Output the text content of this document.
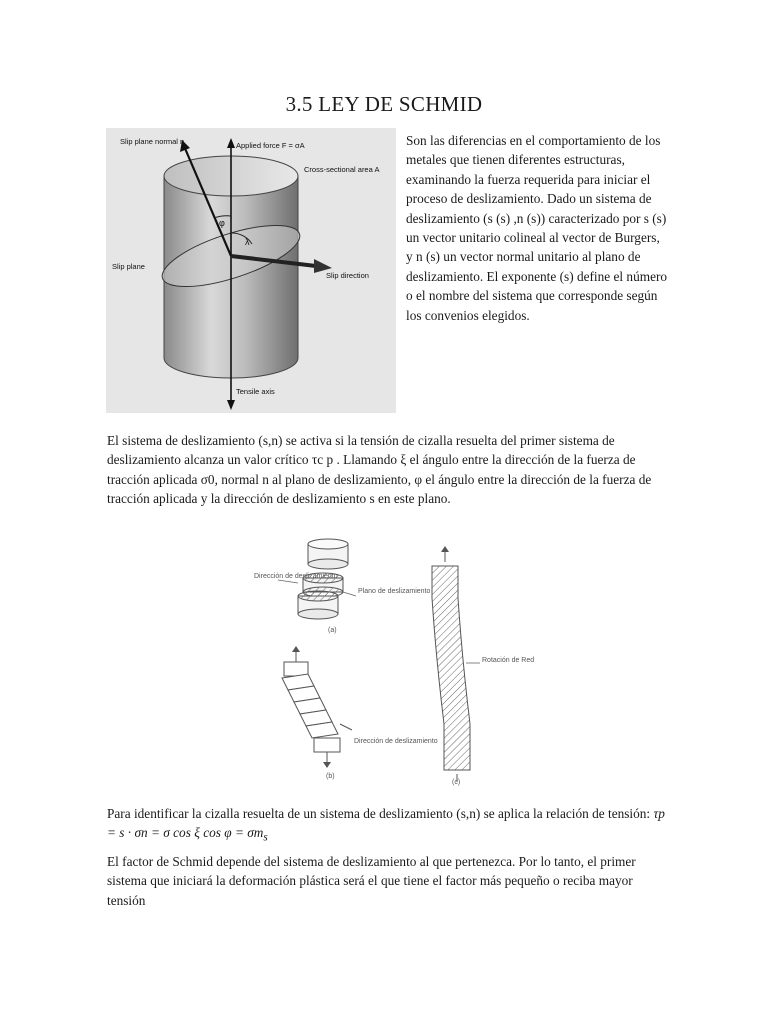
3.5 LEY DE SCHMID
Slip plane normal n	Applied force F = σA
Cross-sectional area A
φ
λ
Slip plane
Slip direction
Tensile axis
Son las diferencias en el comportamiento de los metales que tienen diferentes estructuras, examinando la fuerza requerida para iniciar el proceso de deslizamiento. Dado un sistema de deslizamiento (s (s) ,n (s)) caracterizado por s (s) un vector unitario colineal al vector de Burgers, y n (s) un vector normal unitario al plano de deslizamiento. El exponente (s) define el número o el nombre del sistema que corresponde según los convenios elegidos.
El sistema de deslizamiento (s,n) se activa si la tensión de cizalla resuelta del primer sistema de deslizamiento alcanza un valor crítico τc p . Llamando ξ el ángulo entre la dirección de la fuerza de tracción aplicada σ0, normal n al plano de deslizamiento, φ el ángulo entre la dirección de la fuerza de tracción aplicada y la dirección de deslizamiento s en este plano.
Dirección de deslizamiento
Plano de deslizamiento
(a)
Dirección de deslizamiento
(b)
Rotación de Red
(c)
Para identificar la cizalla resuelta de un sistema de deslizamiento (s,n) se aplica la relación de tensión: τp = s · σn = σ cos ξ $\cos \varphi = \sigma m_s$
El factor de Schmid depende del sistema de deslizamiento al que pertenezca. Por lo tanto, el primer sistema que iniciará la deformación plástica será el que tiene el factor más pequeño o reciba mayor tensión
